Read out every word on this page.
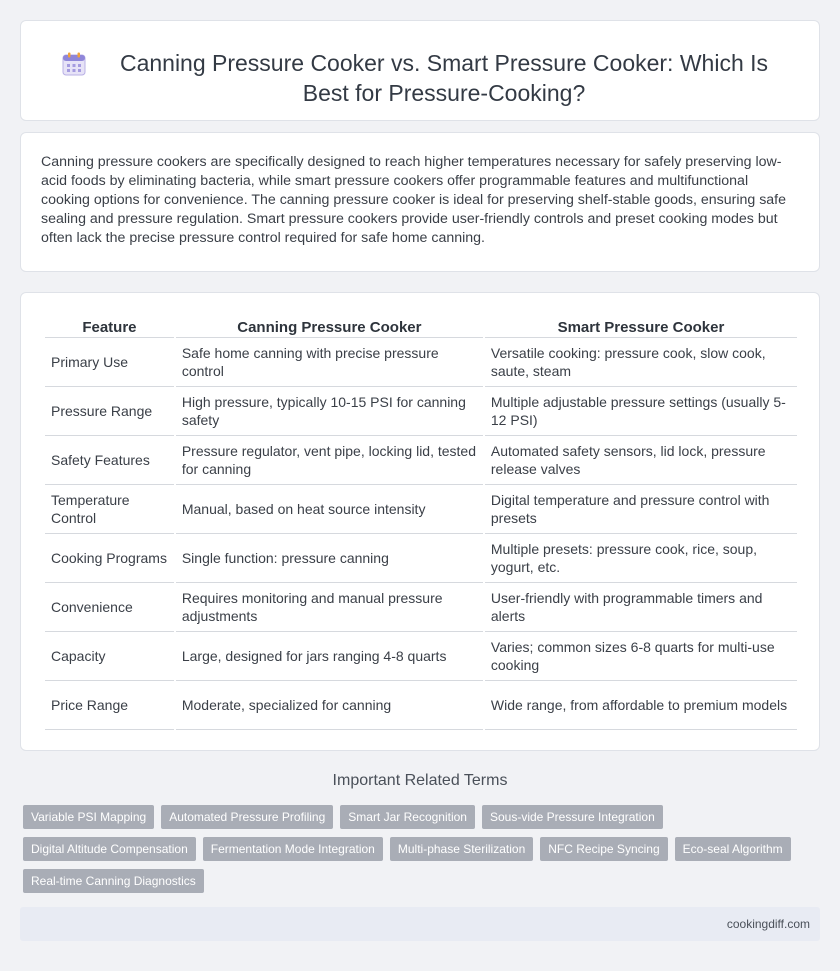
Canning Pressure Cooker vs. Smart Pressure Cooker: Which Is Best for Pressure-Cooking?

Canning pressure cookers are specifically designed to reach higher temperatures necessary for safely preserving low-acid foods by eliminating bacteria, while smart pressure cookers offer programmable features and multifunctional cooking options for convenience. The canning pressure cooker is ideal for preserving shelf-stable goods, ensuring safe sealing and pressure regulation. Smart pressure cookers provide user-friendly controls and preset cooking modes but often lack the precise pressure control required for safe home canning.

Feature	Canning Pressure Cooker	Smart Pressure Cooker
Primary Use	Safe home canning with precise pressure control	Versatile cooking: pressure cook, slow cook, saute, steam
Pressure Range	High pressure, typically 10-15 PSI for canning safety	Multiple adjustable pressure settings (usually 5-12 PSI)
Safety Features	Pressure regulator, vent pipe, locking lid, tested for canning	Automated safety sensors, lid lock, pressure release valves
Temperature Control	Manual, based on heat source intensity	Digital temperature and pressure control with presets
Cooking Programs	Single function: pressure canning	Multiple presets: pressure cook, rice, soup, yogurt, etc.
Convenience	Requires monitoring and manual pressure adjustments	User-friendly with programmable timers and alerts
Capacity	Large, designed for jars ranging 4-8 quarts	Varies; common sizes 6-8 quarts for multi-use cooking
Price Range	Moderate, specialized for canning	Wide range, from affordable to premium models
Important Related Terms
Variable PSI Mapping	Automated Pressure Profiling	Smart Jar Recognition	Sous-vide Pressure Integration
Digital Altitude Compensation	Fermentation Mode Integration	Multi-phase Sterilization	NFC Recipe Syncing	Eco-seal Algorithm
Real-time Canning Diagnostics
cookingdiff.com
